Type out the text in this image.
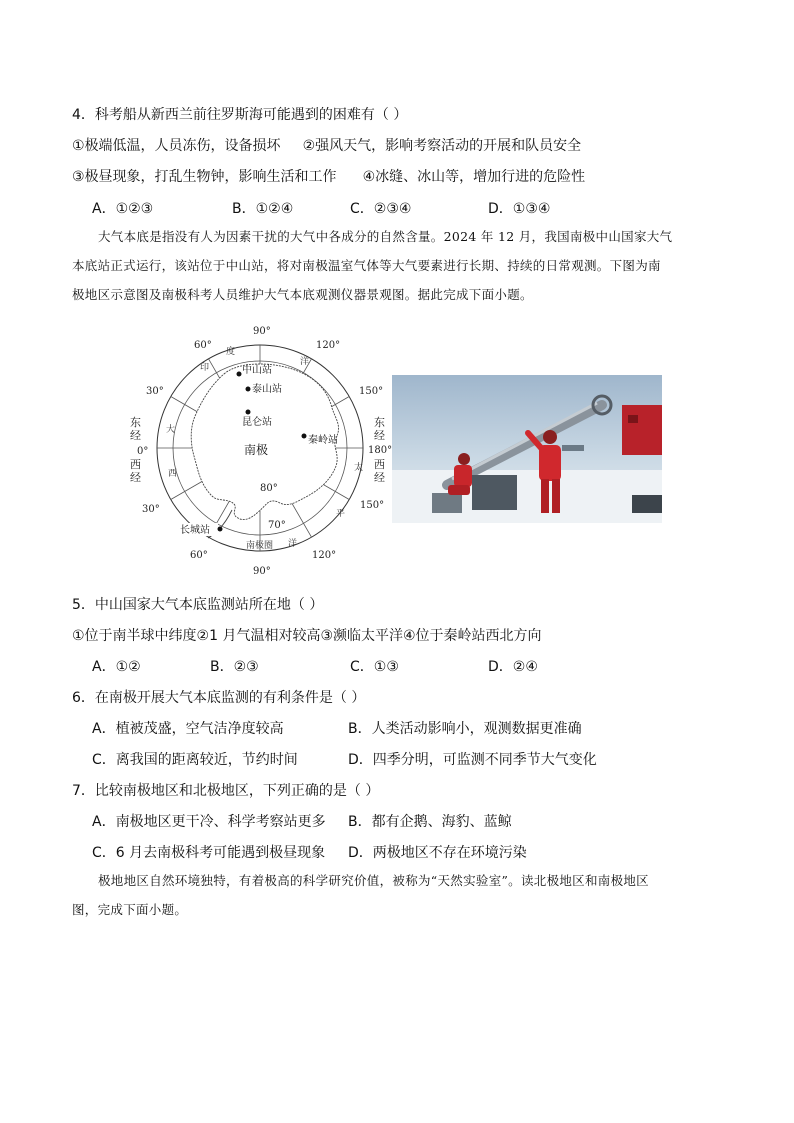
4．科考船从新西兰前往罗斯海可能遇到的困难有（ ）
①极端低温，人员冻伤，设备损坏 ②强风天气，影响考察活动的开展和队员安全
③极昼现象，打乱生物钟，影响生活和工作 ④冰缝、冰山等，增加行进的危险性
A．①②③	B．①②④	C．②③④	D．①③④

大气本底是指没有人为因素干扰的大气中各成分的自然含量。2024 年 12 月，我国南极中山国家大气

本底站正式运行，该站位于中山站，将对南极温室气体等大气要素进行长期、持续的日常观测。下图为南

极地区示意图及南极科考人员维护大气本底观测仪器景观图。据此完成下面小题。

90°
60°	120°
30°	150°
0°	180°
30°	150°
60°	120°
90°
80°
70°
东
经
西
经
东
经
西
经
度
印
大
西
洋
太
平
洋
南极
南极圈
中山站
泰山站
昆仑站
秦岭站
长城站
5．中山国家大气本底监测站所在地（ ）
①位于南半球中纬度②1 月气温相对较高③濒临太平洋④位于秦岭站西北方向
A．①②	B．②③	C．①③	D．②④
6．在南极开展大气本底监测的有利条件是（ ）
A．植被茂盛，空气洁净度较高	B．人类活动影响小，观测数据更准确
C．离我国的距离较近，节约时间	D．四季分明，可监测不同季节大气变化
7．比较南极地区和北极地区，下列正确的是（ ）
A．南极地区更干冷、科学考察站更多 B．都有企鹅、海豹、蓝鲸
C．6 月去南极科考可能遇到极昼现象 D．两极地区不存在环境污染

极地地区自然环境独特，有着极高的科学研究价值，被称为“天然实验室”。读北极地区和南极地区

图，完成下面小题。
